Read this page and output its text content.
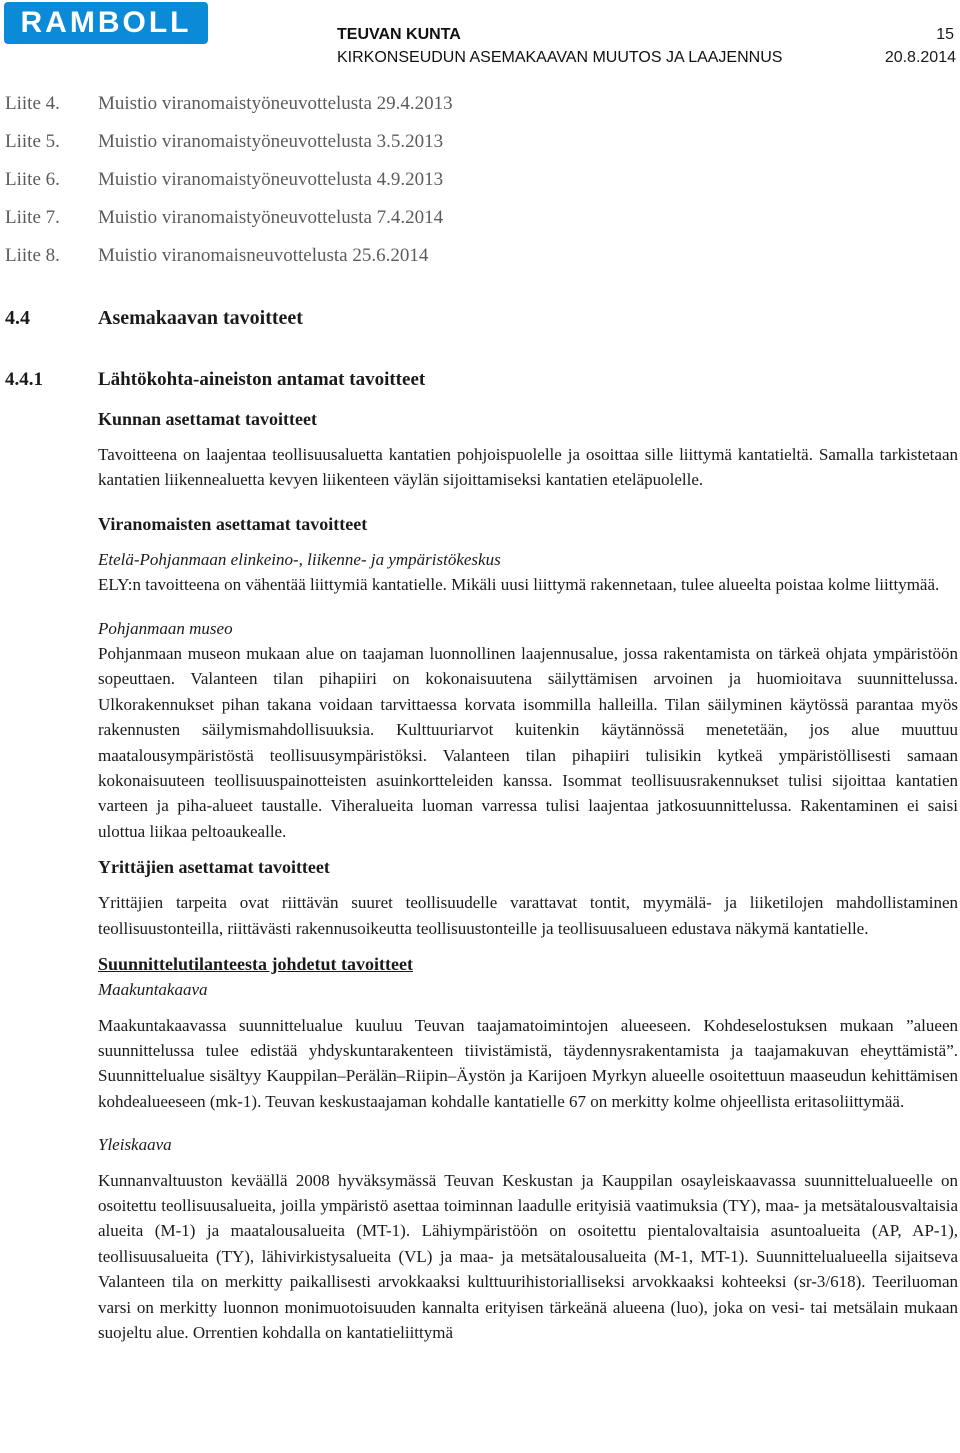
RAMBOLL	TEUVAN KUNTA
KIRKONSEUDUN ASEMAKAAVAN MUUTOS JA LAAJENNUS
15
20.8.2014
Liite 4. Muistio viranomaistyöneuvottelusta 29.4.2013
Liite 5. Muistio viranomaistyöneuvottelusta 3.5.2013
Liite 6. Muistio viranomaistyöneuvottelusta 4.9.2013
Liite 7. Muistio viranomaistyöneuvottelusta 7.4.2014
Liite 8. Muistio viranomaisneuvottelusta 25.6.2014
4.4	Asemakaavan tavoitteet
4.4.1	Lähtökohta-aineiston antamat tavoitteet

Kunnan asettamat tavoitteet

Tavoitteena on laajentaa teollisuusaluetta kantatien pohjoispuolelle ja osoittaa sille liittymä kantatieltä. Samalla tarkistetaan kantatien liikennealuetta kevyen liikenteen väylän sijoittamiseksi kantatien eteläpuolelle.

Viranomaisten asettamat tavoitteet

Etelä-Pohjanmaan elinkeino-, liikenne- ja ympäristökeskus

ELY:n tavoitteena on vähentää liittymiä kantatielle. Mikäli uusi liittymä rakennetaan, tulee alueelta poistaa kolme liittymää.

Pohjanmaan museo

Pohjanmaan museon mukaan alue on taajaman luonnollinen laajennusalue, jossa rakentamista on tärkeä ohjata ympäristöön sopeuttaen. Valanteen tilan pihapiiri on kokonaisuutena säilyttämisen arvoinen ja huomioitava suunnittelussa. Ulkorakennukset pihan takana voidaan tarvittaessa korvata isommilla halleilla. Tilan säilyminen käytössä parantaa myös rakennusten säilymismahdollisuuksia. Kulttuuriarvot kuitenkin käytännössä menetetään, jos alue muuttuu maatalousympäristöstä teollisuusympäristöksi. Valanteen tilan pihapiiri tulisikin kytkeä ympäristöllisesti samaan kokonaisuuteen teollisuuspainotteisten asuinkortteleiden kanssa. Isommat teollisuusrakennukset tulisi sijoittaa kantatien varteen ja piha-alueet taustalle. Viheralueita luoman varressa tulisi laajentaa jatkosuunnittelussa. Rakentaminen ei saisi ulottua liikaa peltoaukealle.

Yrittäjien asettamat tavoitteet

Yrittäjien tarpeita ovat riittävän suuret teollisuudelle varattavat tontit, myymälä- ja liiketilojen mahdollistaminen teollisuustonteilla, riittävästi rakennusoikeutta teollisuustonteille ja teollisuusalueen edustava näkymä kantatielle.

Suunnittelutilanteesta johdetut tavoitteet

Maakuntakaava

Maakuntakaavassa suunnittelualue kuuluu Teuvan taajamatoimintojen alueeseen. Kohdeselostuksen mukaan ”alueen suunnittelussa tulee edistää yhdyskuntarakenteen tiivistämistä, täydennysrakentamista ja taajamakuvan eheyttämistä”. Suunnittelualue sisältyy Kauppilan–Perälän–Riipin–Äystön ja Karijoen Myrkyn alueelle osoitettuun maaseudun kehittämisen kohdealueeseen (mk-1). Teuvan keskustaajaman kohdalle kantatielle 67 on merkitty kolme ohjeellista eritasoliittymää.

Yleiskaava

Kunnanvaltuuston keväällä 2008 hyväksymässä Teuvan Keskustan ja Kauppilan osayleiskaavassa suunnittelualueelle on osoitettu teollisuusalueita, joilla ympäristö asettaa toiminnan laadulle erityisiä vaatimuksia (TY), maa- ja metsätalousvaltaisia alueita (M-1) ja maatalousalueita (MT-1). Lähiympäristöön on osoitettu pientalovaltaisia asuntoalueita (AP, AP-1), teollisuusalueita (TY), lähivirkistysalueita (VL) ja maa- ja metsätalousalueita (M-1, MT-1). Suunnittelualueella sijaitseva Valanteen tila on merkitty paikallisesti arvokkaaksi kulttuurihistorialliseksi arvokkaaksi kohteeksi (sr-3/618). Teeriluoman varsi on merkitty luonnon monimuotoisuuden kannalta erityisen tärkeänä alueena (luo), joka on vesi- tai metsälain mukaan suojeltu alue. Orrentien kohdalla on kantatieliittymä
